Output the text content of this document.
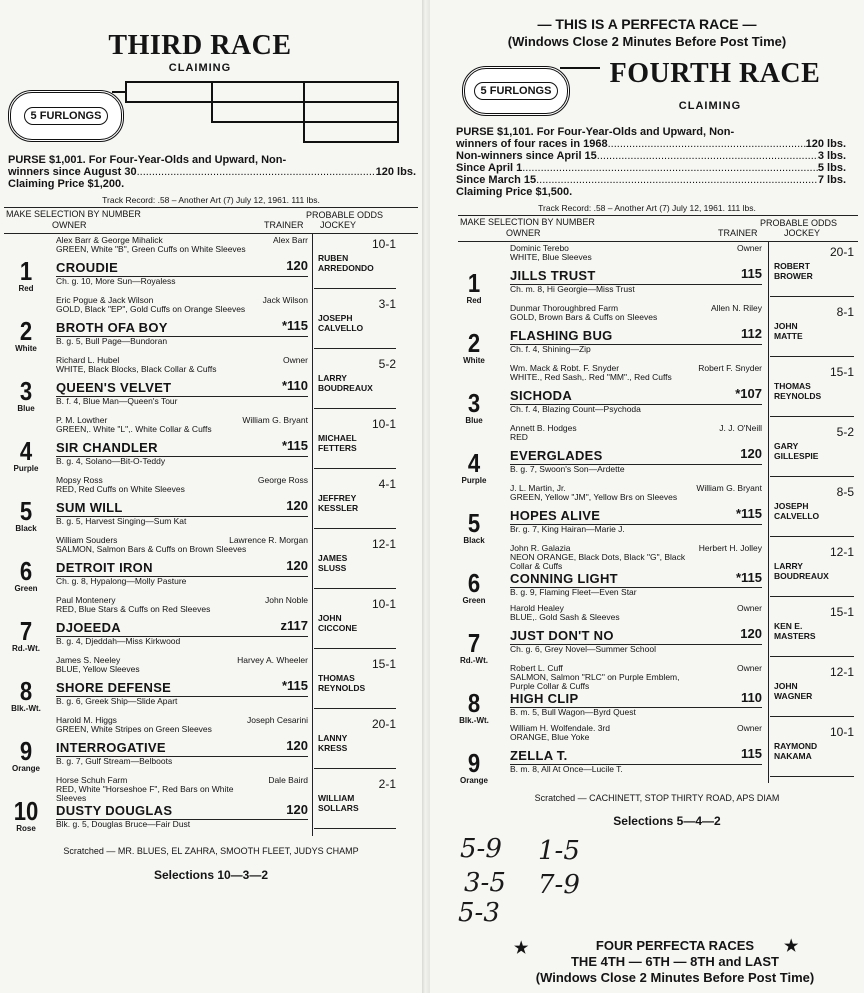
THIRD RACE
CLAIMING
5 FURLONGS
PURSE $1,001. For Four-Year-Olds and Upward, Non-
winners since August 30 .....	120 lbs.
Claiming Price $1,200.
Track Record: .58 – Another Art (7) July 12, 1961. 111 lbs.
MAKE SELECTION BY NUMBER
OWNER	TRAINER
PROBABLE ODDS
JOCKEY
1
Red
Alex Barr & George Mihalick	Alex Barr
GREEN, White "B", Green Cuffs on White Sleeves
CROUDIE	120
Ch. g. 10, More Sun—Royaless
10-1
RUBEN
ARREDONDO
2
White
Eric Pogue & Jack Wilson	Jack Wilson
GOLD, Black "EP", Gold Cuffs on Orange Sleeves
BROTH OFA BOY	*115
B. g. 5, Bull Page—Bundoran
3-1
JOSEPH
CALVELLO
3
Blue
Richard L. Hubel	Owner
WHITE, Black Blocks, Black Collar & Cuffs
QUEEN'S VELVET	*110
B. f. 4, Blue Man—Queen's Tour
5-2
LARRY
BOUDREAUX
4
Purple
P. M. Lowther	William G. Bryant
GREEN,. White "L",. White Collar & Cuffs
SIR CHANDLER	*115
B. g. 4, Solano—Bit-O-Teddy
10-1
MICHAEL
FETTERS
5
Black
Mopsy Ross	George Ross
RED, Red Cuffs on White Sleeves
SUM WILL	120
B. g. 5, Harvest Singing—Sum Kat
4-1
JEFFREY
KESSLER
6
Green
William Souders	Lawrence R. Morgan
SALMON, Salmon Bars & Cuffs on Brown Sleeves
DETROIT IRON	120
Ch. g. 8, Hypalong—Molly Pasture
12-1
JAMES
SLUSS
7
Rd.-Wt.
Paul Montenery	John Noble
RED, Blue Stars & Cuffs on Red Sleeves
DJOEEDA	z117
B. g. 4, Djeddah—Miss Kirkwood
10-1
JOHN
CICCONE
8
Blk.-Wt.
James S. Neeley	Harvey A. Wheeler
BLUE, Yellow Sleeves
SHORE DEFENSE	*115
B. g. 6, Greek Ship—Slide Apart
15-1
THOMAS
REYNOLDS
9
Orange
Harold M. Higgs	Joseph Cesarini
GREEN, White Stripes on Green Sleeves
INTERROGATIVE	120
B. g. 7, Gulf Stream—Belboots
20-1
LANNY
KRESS
10
Rose
Horse Schuh Farm	Dale Baird
RED, White "Horseshoe F", Red Bars on White
Sleeves
DUSTY DOUGLAS	120
Blk. g. 5, Douglas Bruce—Fair Dust
2-1
WILLIAM
SOLLARS
Scratched — MR. BLUES, EL ZAHRA, SMOOTH FLEET, JUDYS CHAMP
Selections 10—3—2
— THIS IS A PERFECTA RACE —
(Windows Close 2 Minutes Before Post Time)
5 FURLONGS
FOURTH RACE
CLAIMING
PURSE $1,101. For Four-Year-Olds and Upward, Non-
winners of four races in 1968 .....	120 lbs.
Non-winners since April 15 .....	3 lbs.
Since April 1 .....	5 lbs.
Since March 15 .....	7 lbs.
Claiming Price $1,500.
Track Record: .58 – Another Art (7) July 12, 1961. 111 lbs.
MAKE SELECTION BY NUMBER
OWNER	TRAINER
PROBABLE ODDS
JOCKEY
1
Red
Dominic Terebo	Owner
WHITE, Blue Sleeves
JILLS TRUST	115
Ch. m. 8, Hi Georgie—Miss Trust
20-1
ROBERT
BROWER
2
White
Dunmar Thoroughbred Farm	Allen N. Riley
GOLD, Brown Bars & Cuffs on Sleeves
FLASHING BUG	112
Ch. f. 4, Shining—Zip
8-1
JOHN
MATTE
3
Blue
Wm. Mack & Robt. F. Snyder	Robert F. Snyder
WHITE., Red Sash,. Red "MM"., Red Cuffs
SICHODA	*107
Ch. f. 4, Blazing Count—Psychoda
15-1
THOMAS
REYNOLDS
4
Purple
Annett B. Hodges	J. J. O'Neill
RED
EVERGLADES	120
B. g. 7, Swoon's Son—Ardette
5-2
GARY
GILLESPIE
5
Black
J. L. Martin, Jr.	William G. Bryant
GREEN, Yellow "JM", Yellow Brs on Sleeves
HOPES ALIVE	*115
Br. g. 7, King Hairan—Marie J.
8-5
JOSEPH
CALVELLO
6
Green
John R. Galazia	Herbert H. Jolley
NEON ORANGE, Black Dots, Black "G", Black
Collar & Cuffs
CONNING LIGHT	*115
B. g. 9, Flaming Fleet—Even Star
12-1
LARRY
BOUDREAUX
7
Rd.-Wt.
Harold Healey	Owner
BLUE,. Gold Sash & Sleeves
JUST DON'T NO	120
Ch. g. 6, Grey Novel—Summer School
15-1
KEN E.
MASTERS
8
Blk.-Wt.
Robert L. Cuff	Owner
SALMON, Salmon "RLC" on Purple Emblem,
Purple Collar & Cuffs
HIGH CLIP	110
B. m. 5, Bull Wagon—Byrd Quest
12-1
JOHN
WAGNER
9
Orange
William H. Wolfendale. 3rd	Owner
ORANGE, Blue Yoke
ZELLA T.	115
B. m. 8, All At Once—Lucile T.
10-1
RAYMOND
NAKAMA
Scratched — CACHINETT, STOP THIRTY ROAD, APS DIAM
Selections 5—4—2
5-9 1-5
3-5 7-9
5-3
★	★
FOUR PERFECTA RACES
THE 4TH — 6TH — 8TH and LAST
(Windows Close 2 Minutes Before Post Time)
